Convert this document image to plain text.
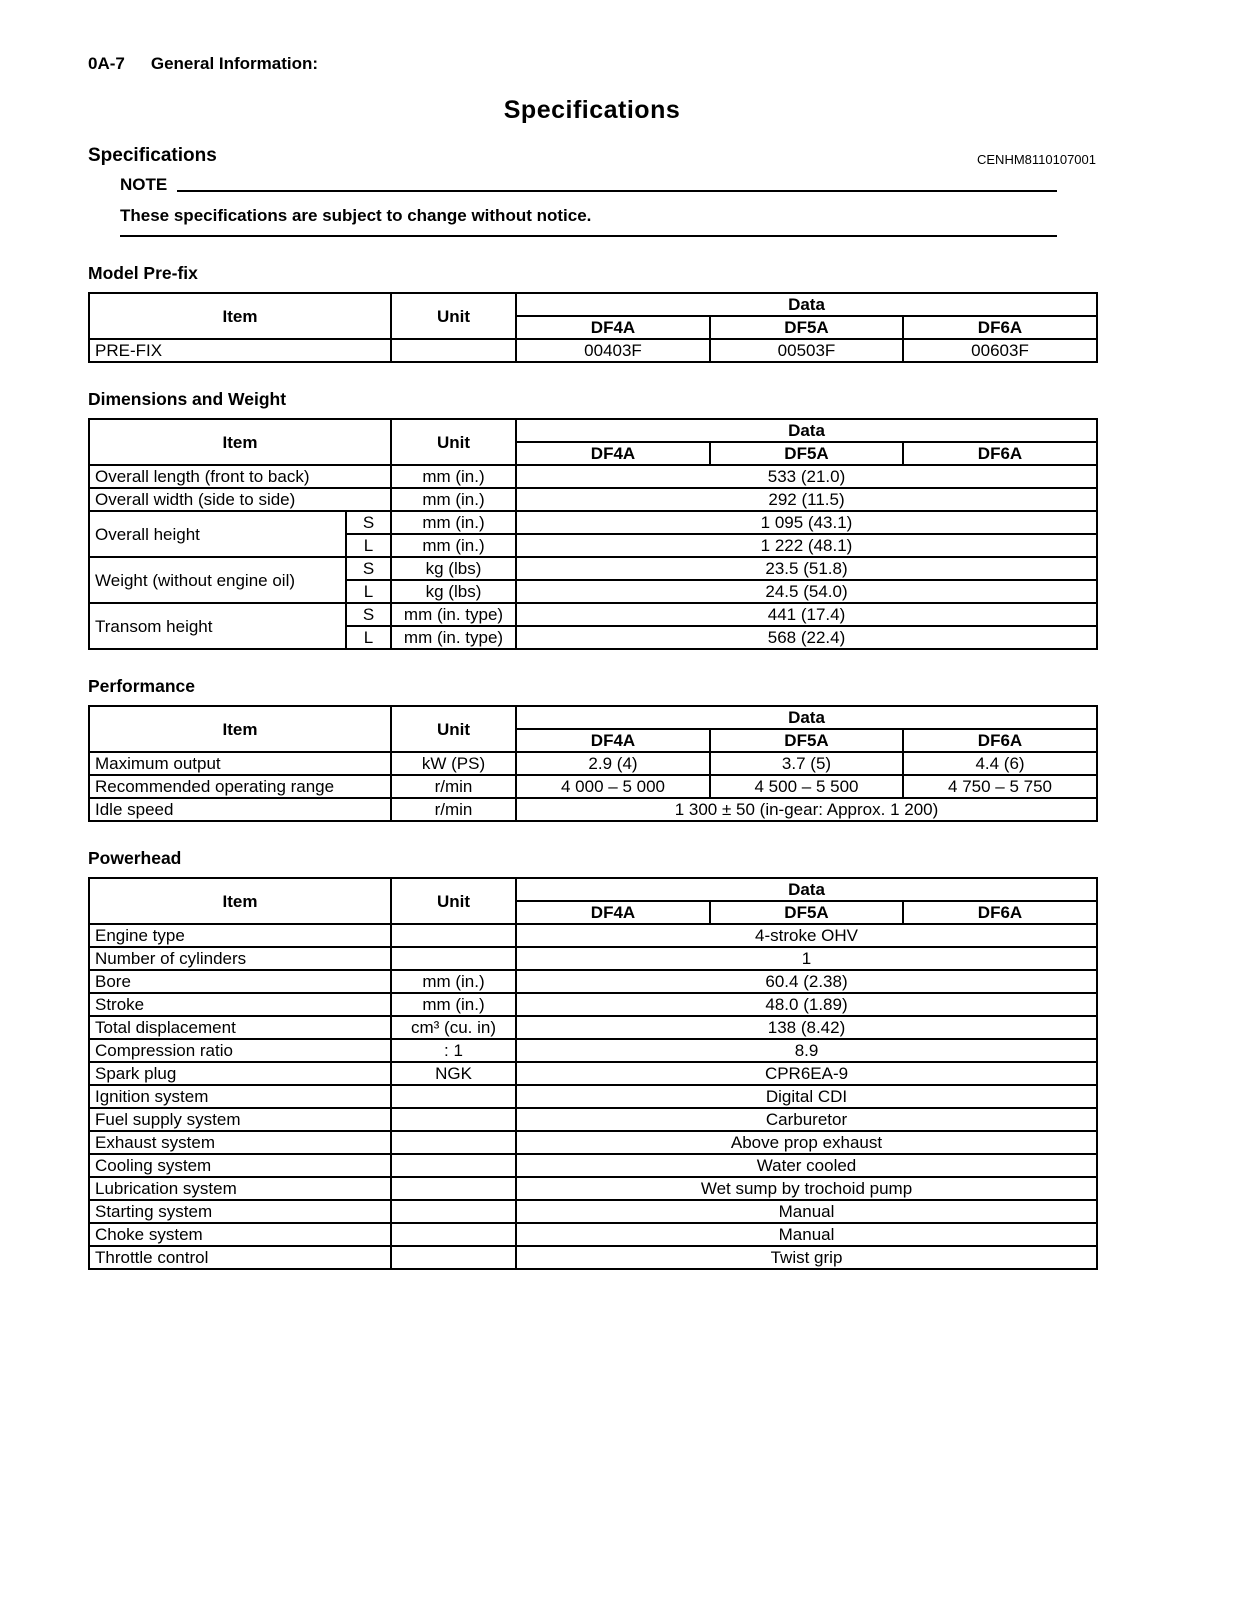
0A-7 General Information:
Specifications
Specifications	CENHM8110107001
NOTE
These specifications are subject to change without notice.
Model Pre-fix
Item	Unit	Data		
		DF4A	DF5A	DF6A
PRE-FIX		00403F	00503F	00603F
Dimensions and Weight
Item		Unit	Data		
			DF4A	DF5A	DF6A
Overall length (front to back)		mm (in.)	533 (21.0)		
Overall width (side to side)		mm (in.)	292 (11.5)		
Overall height	S	mm (in.)	1 095 (43.1)		
	L	mm (in.)	1 222 (48.1)		
Weight (without engine oil)	S	kg (lbs)	23.5 (51.8)		
	L	kg (lbs)	24.5 (54.0)		
Transom height	S	mm (in. type)	441 (17.4)		
	L	mm (in. type)	568 (22.4)		
Performance
Item	Unit	Data		
		DF4A	DF5A	DF6A
Maximum output	kW (PS)	2.9 (4)	3.7 (5)	4.4 (6)
Recommended operating range	r/min	4 000 – 5 000	4 500 – 5 500	4 750 – 5 750
Idle speed	r/min	1 300 ± 50 (in-gear: Approx. 1 200)		
Powerhead
Item	Unit	Data		
		DF4A	DF5A	DF6A
Engine type		4-stroke OHV		
Number of cylinders		1		
Bore	mm (in.)	60.4 (2.38)		
Stroke	mm (in.)	48.0 (1.89)		
Total displacement	cm³ (cu. in)	138 (8.42)		
Compression ratio	: 1	8.9		
Spark plug	NGK	CPR6EA-9		
Ignition system		Digital CDI		
Fuel supply system		Carburetor		
Exhaust system		Above prop exhaust		
Cooling system		Water cooled		
Lubrication system		Wet sump by trochoid pump		
Starting system		Manual		
Choke system		Manual		
Throttle control		Twist grip		
